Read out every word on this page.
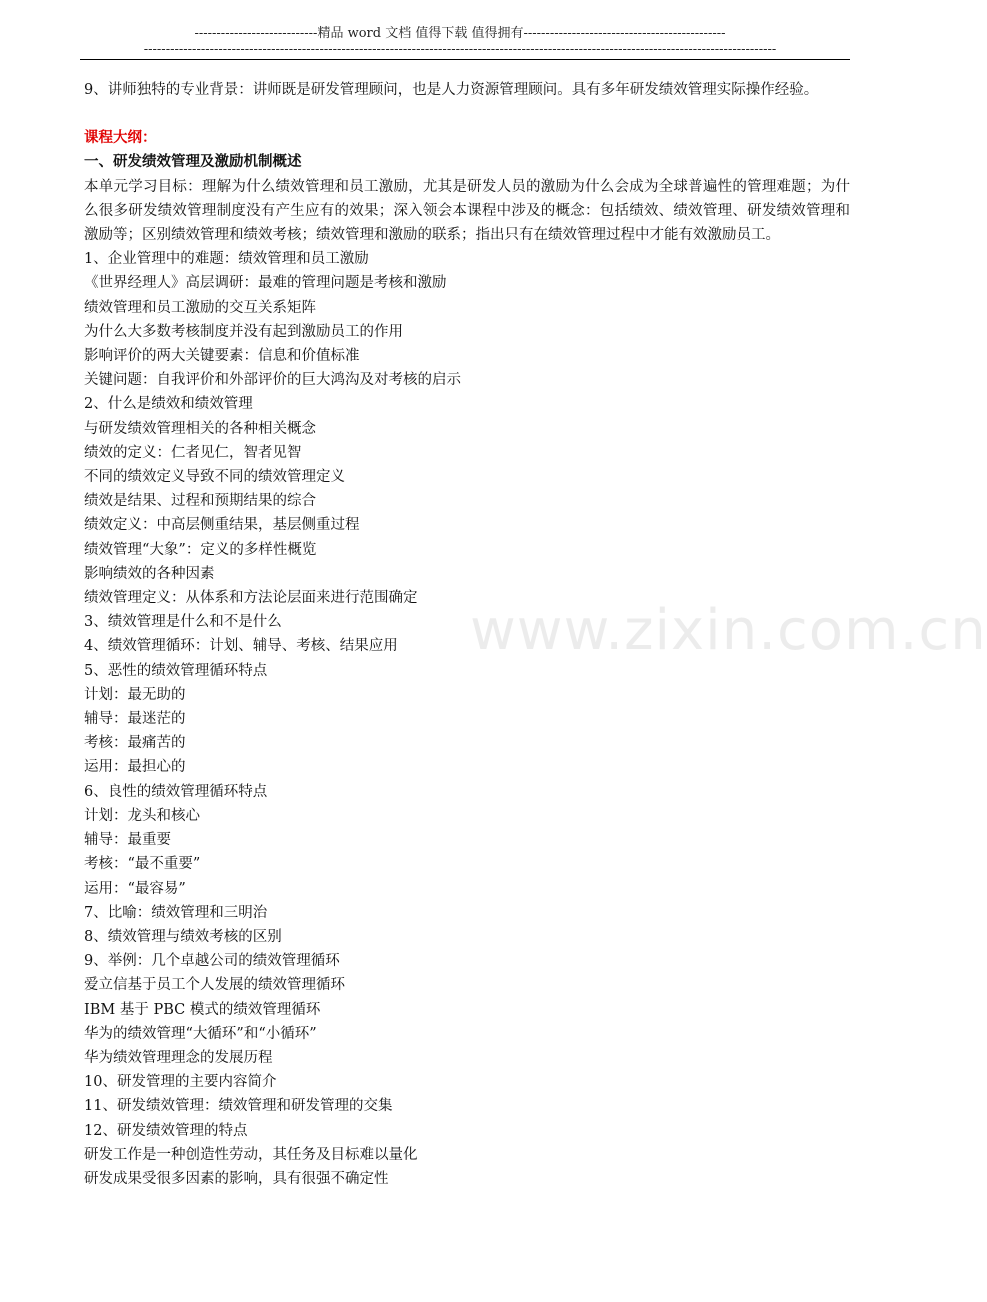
----------------------------精品 word 文档 值得下载 值得拥有----------------------------------------------
------------------------------------------------------------------------------------------------------------------------------------------------
www.zixin.com.cn

9、讲师独特的专业背景：讲师既是研发管理顾问，也是人力资源管理顾问。具有多年研发绩效管理实际操作经验。

课程大纲：

一、研发绩效管理及激励机制概述

本单元学习目标：理解为什么绩效管理和员工激励，尤其是研发人员的激励为什么会成为全球普遍性的管理难题；为什么很多研发绩效管理制度没有产生应有的效果；深入领会本课程中涉及的概念：包括绩效、绩效管理、研发绩效管理和激励等；区别绩效管理和绩效考核；绩效管理和激励的联系；指出只有在绩效管理过程中才能有效激励员工。

1、企业管理中的难题：绩效管理和员工激励

《世界经理人》高层调研：最难的管理问题是考核和激励

绩效管理和员工激励的交互关系矩阵

为什么大多数考核制度并没有起到激励员工的作用

影响评价的两大关键要素：信息和价值标准

关键问题：自我评价和外部评价的巨大鸿沟及对考核的启示

2、什么是绩效和绩效管理

与研发绩效管理相关的各种相关概念

绩效的定义：仁者见仁，智者见智

不同的绩效定义导致不同的绩效管理定义

绩效是结果、过程和预期结果的综合

绩效定义：中高层侧重结果，基层侧重过程

绩效管理“大象”：定义的多样性概览

影响绩效的各种因素

绩效管理定义：从体系和方法论层面来进行范围确定

3、绩效管理是什么和不是什么

4、绩效管理循环：计划、辅导、考核、结果应用

5、恶性的绩效管理循环特点

计划：最无助的

辅导：最迷茫的

考核：最痛苦的

运用：最担心的

6、良性的绩效管理循环特点

计划：龙头和核心

辅导：最重要

考核：“最不重要”

运用：“最容易”

7、比喻：绩效管理和三明治

8、绩效管理与绩效考核的区别

9、举例：几个卓越公司的绩效管理循环

爱立信基于员工个人发展的绩效管理循环

IBM 基于 PBC 模式的绩效管理循环

华为的绩效管理“大循环”和“小循环”

华为绩效管理理念的发展历程

10、研发管理的主要内容简介

11、研发绩效管理：绩效管理和研发管理的交集

12、研发绩效管理的特点

研发工作是一种创造性劳动，其任务及目标难以量化

研发成果受很多因素的影响，具有很强不确定性
